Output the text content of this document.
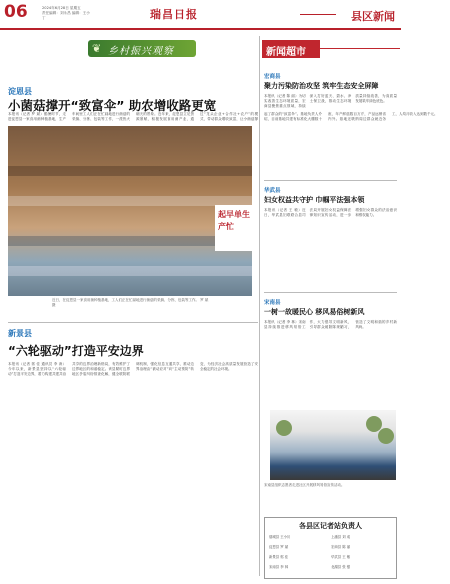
06	2024年6月28日 星期五
责任编辑：刘永昌 编辑：王小丁	瑞昌日报	县区新闻
❦ 乡村振兴观察
淀恩县
小菌菇撑开“致富伞” 助农增收路更宽
本报讯（记者 罗 斌）酷暑时节，走进淀恩县一家食用菌种植基地，生产车间里工人们正在忙碌地进行菌菇的采摘、分拣、包装等工作，一派热火朝天的景象。近年来，淀恩县立足资源禀赋，积极发展食用菌产业，通过“龙头企业+合作社+农户”的模式，带动群众增收致富，让小菌菇撑起了群众的“致富伞”。基地负责人介绍，目前基地共建有标准化大棚数十座，年产鲜菇数百万斤，产品远销省内外。基地还吸纳周边群众就近务工，人均月收入达到数千元。
起早单生产忙
近日，在淀恩县一家食用菌种植基地，工人们正在忙碌地进行菌菇的采摘、分拣、包装等工作。 罗 斌 摄
新景县
“六轮驱动”打造平安边界
本报讯（记者 郭 佳 通讯员 李 涛）今年以来，新景县坚持以“六轮驱动”打造平安边界，着力构建共建共治共享的边界治理新格局，有效维护了边界地区的和谐稳定。该县紧盯边界地区矛盾纠纷排查化解，健全联防联调机制，强化信息互通共享，推动边界治理由“被动应对”向“主动预防”转变，为经济社会高质量发展营造了安全稳定的社会环境。
新闻超市
宏商县
聚力污染防治攻坚 筑牢生态安全屏障
本报讯（记者 陈 丽）为切实改善生态环境质量，宏商县聚焦重点领域，持续深入打好蓝天、碧水、净土保卫战，推动生态环境质量持续改善，为高质量发展筑牢绿色底色。
华武县
妇女权益共守护 巾帼平法强本领
本报讯（记者 王 敏）近日，华武县妇联联合县司法局开展妇女权益保障法律知识宣传活动，进一步增强妇女群众的法治意识和维权能力。
宋南县
一树一故暖民心 移风易俗树新风
本报讯（记者 李 林）宋南县持续推进移风易俗工作，大力倡导文明新风，引导群众破除陈规陋习，营造了文明和谐的乡村新风尚。
宋南县组织志愿者走进社区开展移风易俗宣传活动。
各县区记者站负责人
瑞城县 王小川	上潘县 刘 成
淀恩县 罗 斌	宏商县 陈 丽
新景县 郭 佳	华武县 王 敏
宋南县 李 林	北湖县 张 强
